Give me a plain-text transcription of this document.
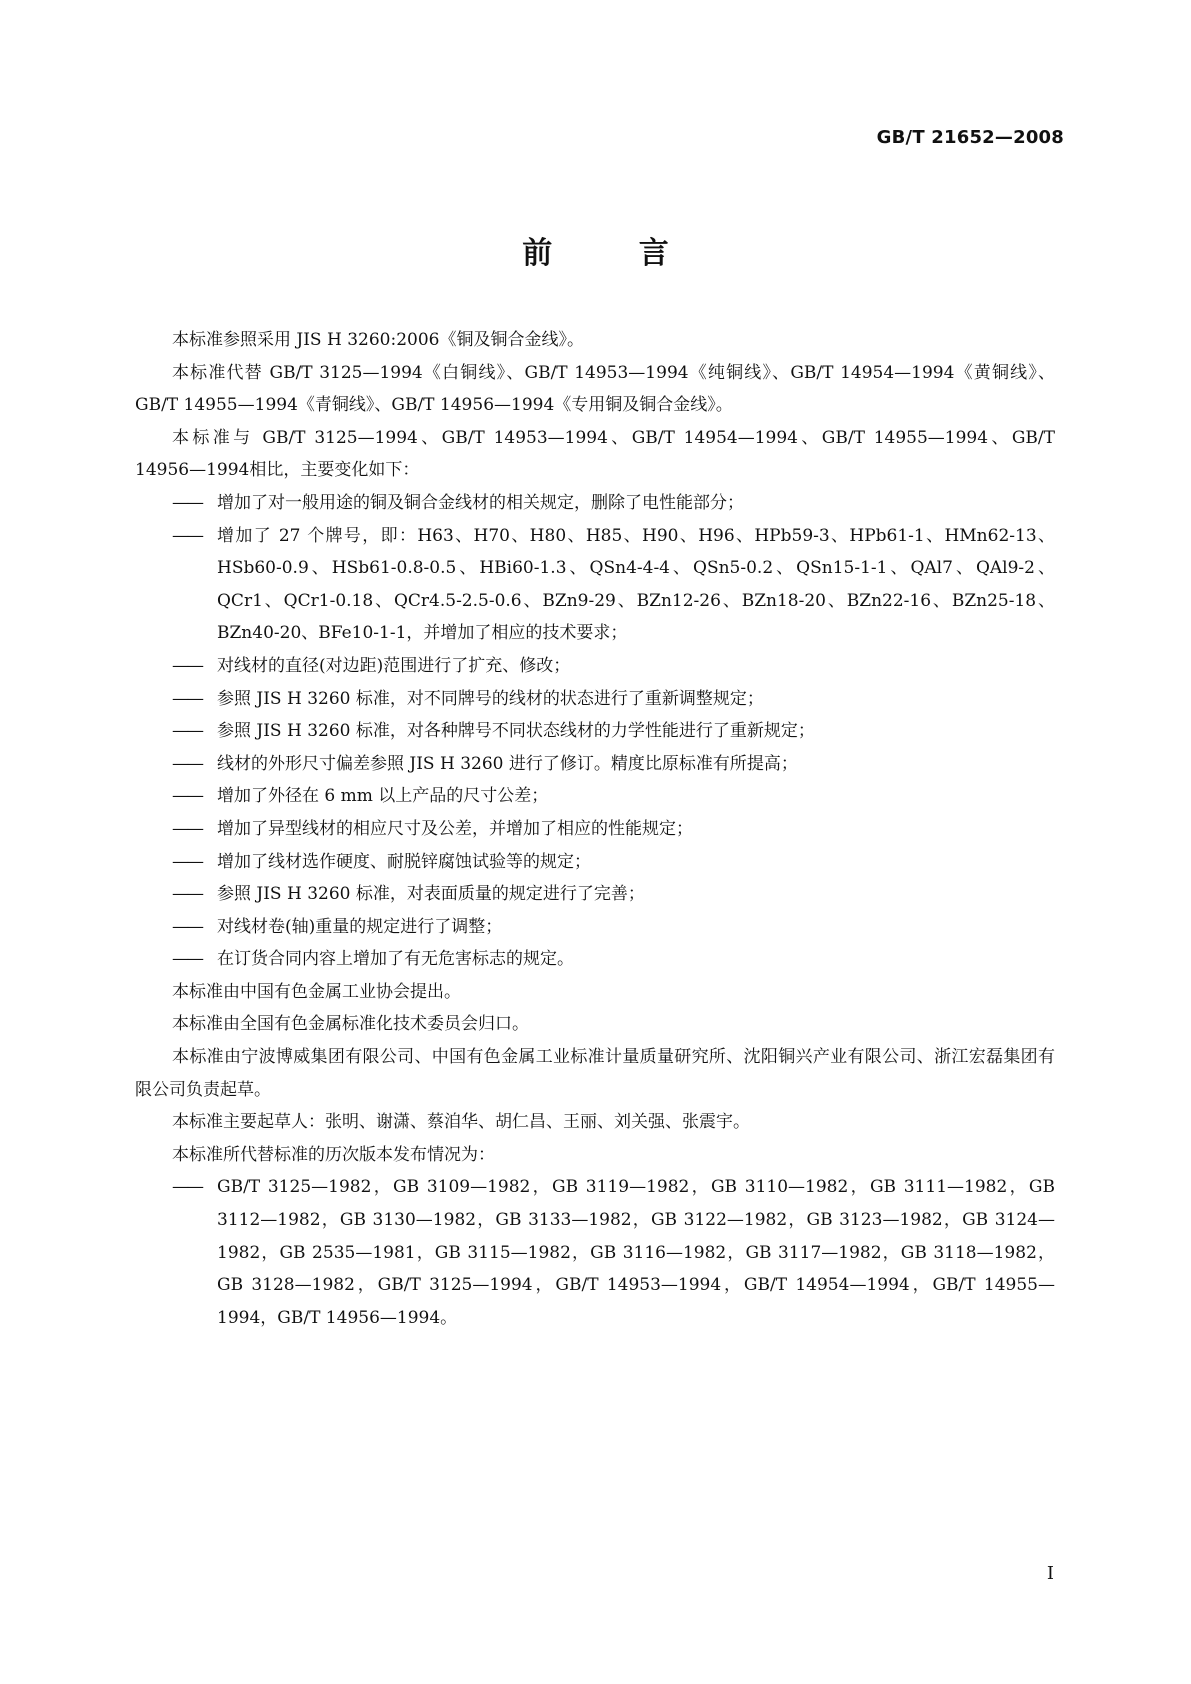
GB/T 21652—2008
前 言

本标准参照采用 JIS H 3260:2006《铜及铜合金线》。

本标准代替 GB/T 3125—1994《白铜线》、GB/T 14953—1994《纯铜线》、GB/T 14954—1994《黄铜线》、GB/T 14955—1994《青铜线》、GB/T 14956—1994《专用铜及铜合金线》。

本标准与 GB/T 3125—1994、GB/T 14953—1994、GB/T 14954—1994、GB/T 14955—1994、GB/T 14956—1994相比，主要变化如下：

—— 增加了对一般用途的铜及铜合金线材的相关规定，删除了电性能部分；

—— 增加了 27 个牌号，即：H63、H70、H80、H85、H90、H96、HPb59-3、HPb61-1、HMn62-13、HSb60-0.9、HSb61-0.8-0.5、HBi60-1.3、QSn4-4-4、QSn5-0.2、QSn15-1-1、QAl7、QAl9-2、QCr1、QCr1-0.18、QCr4.5-2.5-0.6、BZn9-29、BZn12-26、BZn18-20、BZn22-16、BZn25-18、BZn40-20、BFe10-1-1，并增加了相应的技术要求；

—— 对线材的直径(对边距)范围进行了扩充、修改；

—— 参照 JIS H 3260 标准，对不同牌号的线材的状态进行了重新调整规定；

—— 参照 JIS H 3260 标准，对各种牌号不同状态线材的力学性能进行了重新规定；

—— 线材的外形尺寸偏差参照 JIS H 3260 进行了修订。精度比原标准有所提高；

—— 增加了外径在 6 mm 以上产品的尺寸公差；

—— 增加了异型线材的相应尺寸及公差，并增加了相应的性能规定；

—— 增加了线材选作硬度、耐脱锌腐蚀试验等的规定；

—— 参照 JIS H 3260 标准，对表面质量的规定进行了完善；

—— 对线材卷(轴)重量的规定进行了调整；

—— 在订货合同内容上增加了有无危害标志的规定。

本标准由中国有色金属工业协会提出。

本标准由全国有色金属标准化技术委员会归口。

本标准由宁波博威集团有限公司、中国有色金属工业标准计量质量研究所、沈阳铜兴产业有限公司、浙江宏磊集团有限公司负责起草。

本标准主要起草人：张明、谢潇、蔡洎华、胡仁昌、王丽、刘关强、张震宇。

本标准所代替标准的历次版本发布情况为：

—— GB/T 3125—1982，GB 3109—1982，GB 3119—1982，GB 3110—1982，GB 3111—1982，GB 3112—1982，GB 3130—1982，GB 3133—1982，GB 3122—1982，GB 3123—1982，GB 3124—1982，GB 2535—1981，GB 3115—1982，GB 3116—1982，GB 3117—1982，GB 3118—1982，GB 3128—1982，GB/T 3125—1994，GB/T 14953—1994，GB/T 14954—1994，GB/T 14955—1994，GB/T 14956—1994。

I
